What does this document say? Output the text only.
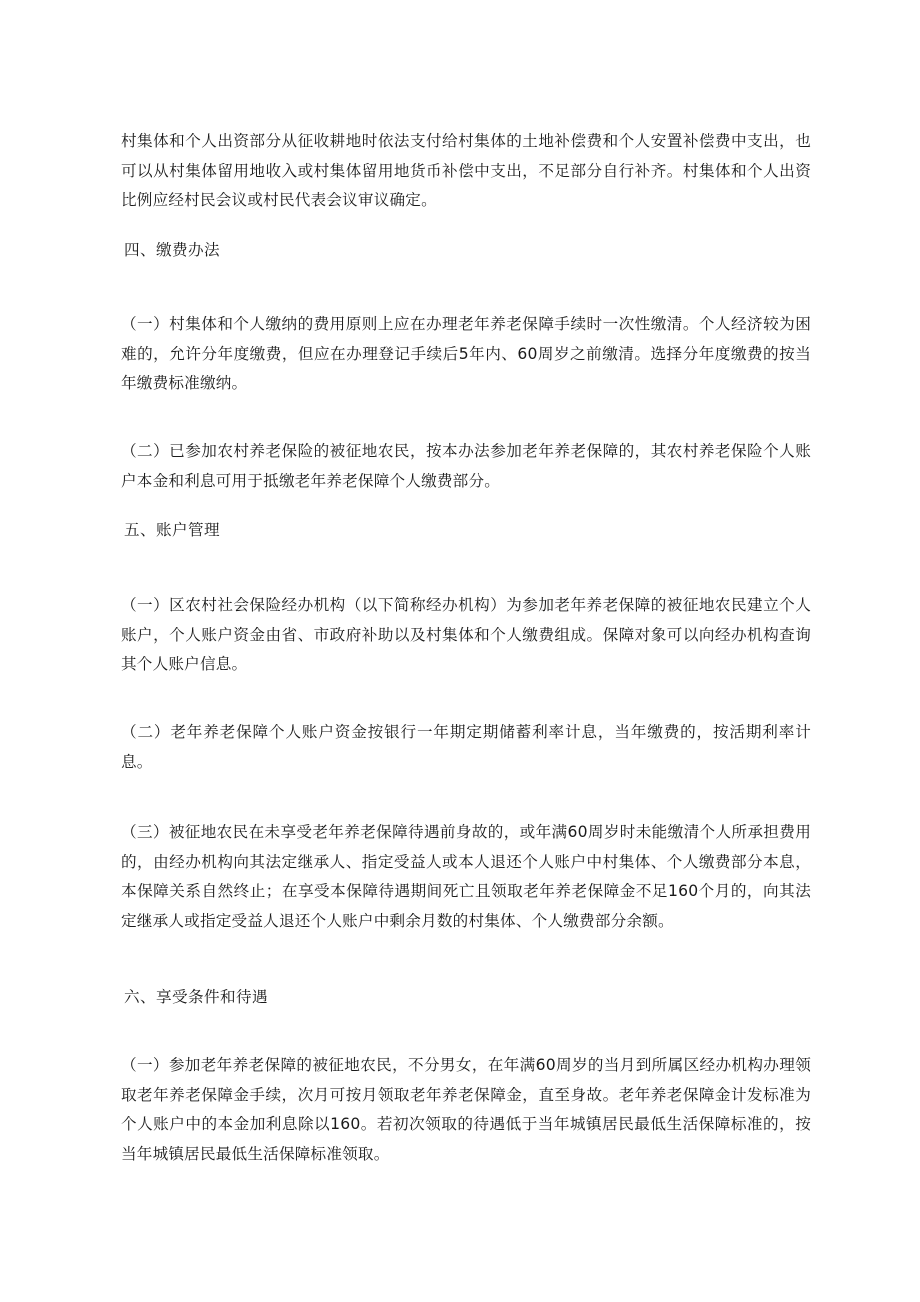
村集体和个人出资部分从征收耕地时依法支付给村集体的土地补偿费和个人安置补偿费中支出，也可以从村集体留用地收入或村集体留用地货币补偿中支出，不足部分自行补齐。村集体和个人出资比例应经村民会议或村民代表会议审议确定。

四、缴费办法

（一）村集体和个人缴纳的费用原则上应在办理老年养老保障手续时一次性缴清。个人经济较为困难的，允许分年度缴费，但应在办理登记手续后5年内、60周岁之前缴清。选择分年度缴费的按当年缴费标准缴纳。

（二）已参加农村养老保险的被征地农民，按本办法参加老年养老保障的，其农村养老保险个人账户本金和利息可用于抵缴老年养老保障个人缴费部分。

五、账户管理

（一）区农村社会保险经办机构（以下简称经办机构）为参加老年养老保障的被征地农民建立个人账户，个人账户资金由省、市政府补助以及村集体和个人缴费组成。保障对象可以向经办机构查询其个人账户信息。

（二）老年养老保障个人账户资金按银行一年期定期储蓄利率计息，当年缴费的，按活期利率计息。

（三）被征地农民在未享受老年养老保障待遇前身故的，或年满60周岁时未能缴清个人所承担费用的，由经办机构向其法定继承人、指定受益人或本人退还个人账户中村集体、个人缴费部分本息，本保障关系自然终止；在享受本保障待遇期间死亡且领取老年养老保障金不足160个月的，向其法定继承人或指定受益人退还个人账户中剩余月数的村集体、个人缴费部分余额。

六、享受条件和待遇

（一）参加老年养老保障的被征地农民，不分男女，在年满60周岁的当月到所属区经办机构办理领取老年养老保障金手续，次月可按月领取老年养老保障金，直至身故。老年养老保障金计发标准为个人账户中的本金加利息除以160。若初次领取的待遇低于当年城镇居民最低生活保障标准的，按当年城镇居民最低生活保障标准领取。
